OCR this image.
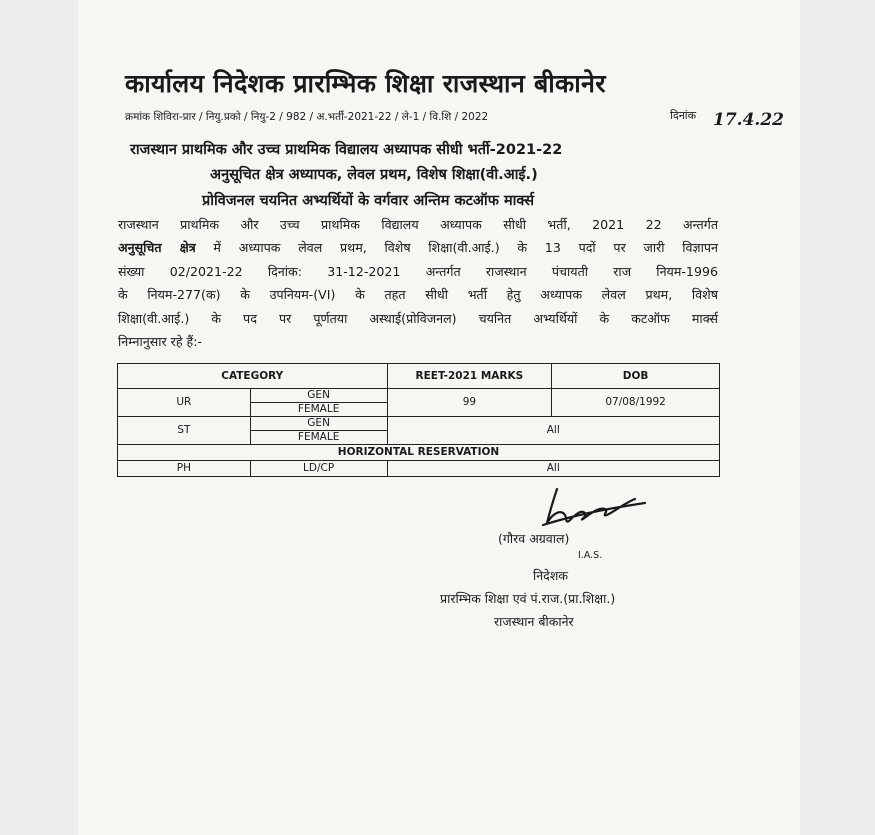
कार्यालय निदेशक प्रारम्भिक शिक्षा राजस्थान बीकानेर
क्रमांक शिविरा-प्रार / नियु.प्रको / नियु-2 / 982 / अ.भर्ती-2021-22 / ले-1 / वि.शि / 2022	दिनांक 17.4.22
राजस्थान प्राथमिक और उच्च प्राथमिक विद्यालय अध्यापक सीधी भर्ती-2021-22
अनुसूचित क्षेत्र अध्यापक, लेवल प्रथम, विशेष शिक्षा(वी.आई.)
प्रोविजनल चयनित अभ्यर्थियों के वर्गवार अन्तिम कटऑफ मार्क्स

राजस्थान प्राथमिक और उच्च प्राथमिक विद्यालय अध्यापक सीधी भर्ती, 2021 22 अन्तर्गत

अनुसूचित क्षेत्र में अध्यापक लेवल प्रथम, विशेष शिक्षा(वी.आई.) के 13 पदों पर जारी विज्ञापन

संख्या 02/2021-22 दिनांक: 31-12-2021 अन्तर्गत राजस्थान पंचायती राज नियम-1996

के नियम-277(क) के उपनियम-(VI) के तहत सीधी भर्ती हेतु अध्यापक लेवल प्रथम, विशेष

शिक्षा(वी.आई.) के पद पर पूर्णतया अस्थाई(प्रोविजनल) चयनित अभ्यर्थियों के कटऑफ मार्क्स

निम्नानुसार रहे हैं:-

CATEGORY		REET-2021 MARKS	DOB
UR	GEN	99	07/08/1992
	FEMALE		
ST	GEN	All	
	FEMALE		
HORIZONTAL RESERVATION			
PH	LD/CP	All	
(गौरव अग्रवाल)
I.A.S.
निदेशक
प्रारम्भिक शिक्षा एवं पं.राज.(प्रा.शिक्षा.)
राजस्थान बीकानेर
